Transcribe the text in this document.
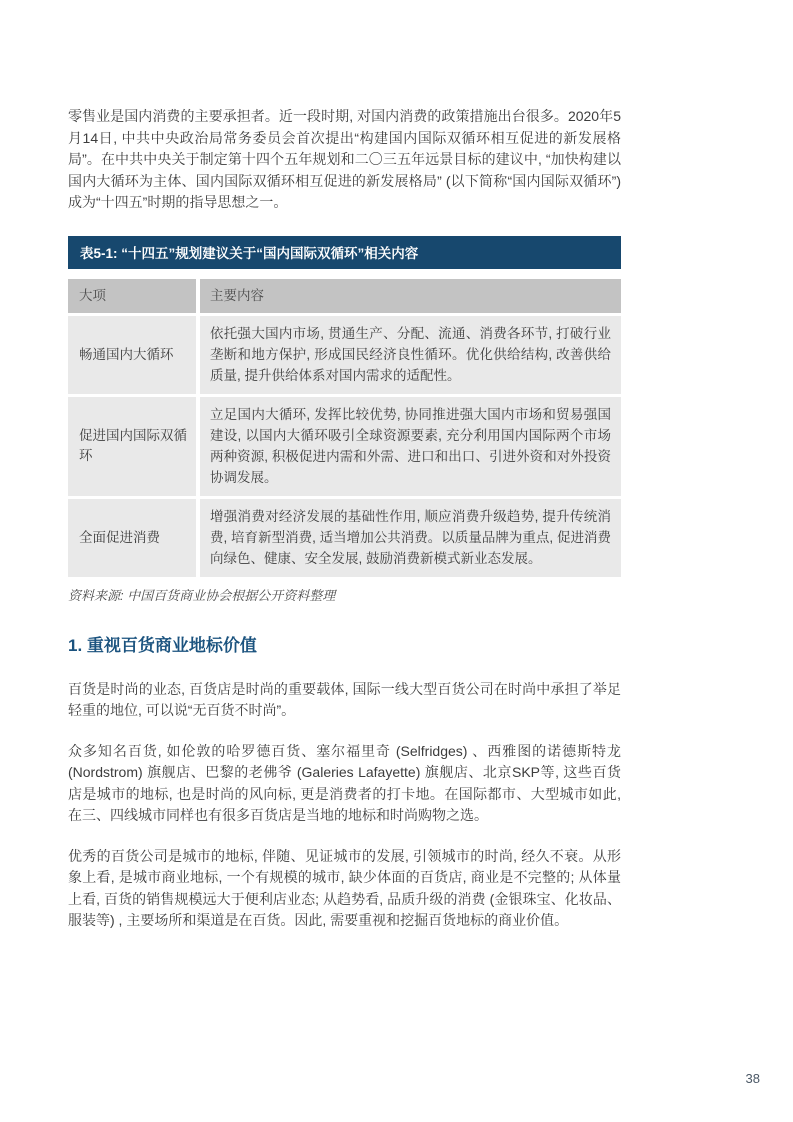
零售业是国内消费的主要承担者。近一段时期, 对国内消费的政策措施出台很多。2020年5月14日, 中共中央政治局常务委员会首次提出“构建国内国际双循环相互促进的新发展格局”。在中共中央关于制定第十四个五年规划和二〇三五年远景目标的建议中, “加快构建以国内大循环为主体、国内国际双循环相互促进的新发展格局” (以下简称“国内国际双循环”) 成为“十四五”时期的指导思想之一。

表5-1: “十四五”规划建议关于“国内国际双循环”相关内容
大项	主要内容
畅通国内大循环
依托强大国内市场, 贯通生产、分配、流通、消费各环节, 打破行业垄断和地方保护, 形成国民经济良性循环。优化供给结构, 改善供给质量, 提升供给体系对国内需求的适配性。
促进国内国际双循环
立足国内大循环, 发挥比较优势, 协同推进强大国内市场和贸易强国建设, 以国内大循环吸引全球资源要素, 充分利用国内国际两个市场两种资源, 积极促进内需和外需、进口和出口、引进外资和对外投资协调发展。
全面促进消费
增强消费对经济发展的基础性作用, 顺应消费升级趋势, 提升传统消费, 培育新型消费, 适当增加公共消费。以质量品牌为重点, 促进消费向绿色、健康、安全发展, 鼓励消费新模式新业态发展。
资料来源: 中国百货商业协会根据公开资料整理
1. 重视百货商业地标价值

百货是时尚的业态, 百货店是时尚的重要载体, 国际一线大型百货公司在时尚中承担了举足轻重的地位, 可以说“无百货不时尚”。

众多知名百货, 如伦敦的哈罗德百货、塞尔福里奇 (Selfridges) 、西雅图的诺德斯特龙 (Nordstrom) 旗舰店、巴黎的老佛爷 (Galeries Lafayette) 旗舰店、北京SKP等, 这些百货店是城市的地标, 也是时尚的风向标, 更是消费者的打卡地。在国际都市、大型城市如此, 在三、四线城市同样也有很多百货店是当地的地标和时尚购物之选。

优秀的百货公司是城市的地标, 伴随、见证城市的发展, 引领城市的时尚, 经久不衰。从形象上看, 是城市商业地标, 一个有规模的城市, 缺少体面的百货店, 商业是不完整的; 从体量上看, 百货的销售规模远大于便利店业态; 从趋势看, 品质升级的消费 (金银珠宝、化妆品、服装等) , 主要场所和渠道是在百货。因此, 需要重视和挖掘百货地标的商业价值。

38
